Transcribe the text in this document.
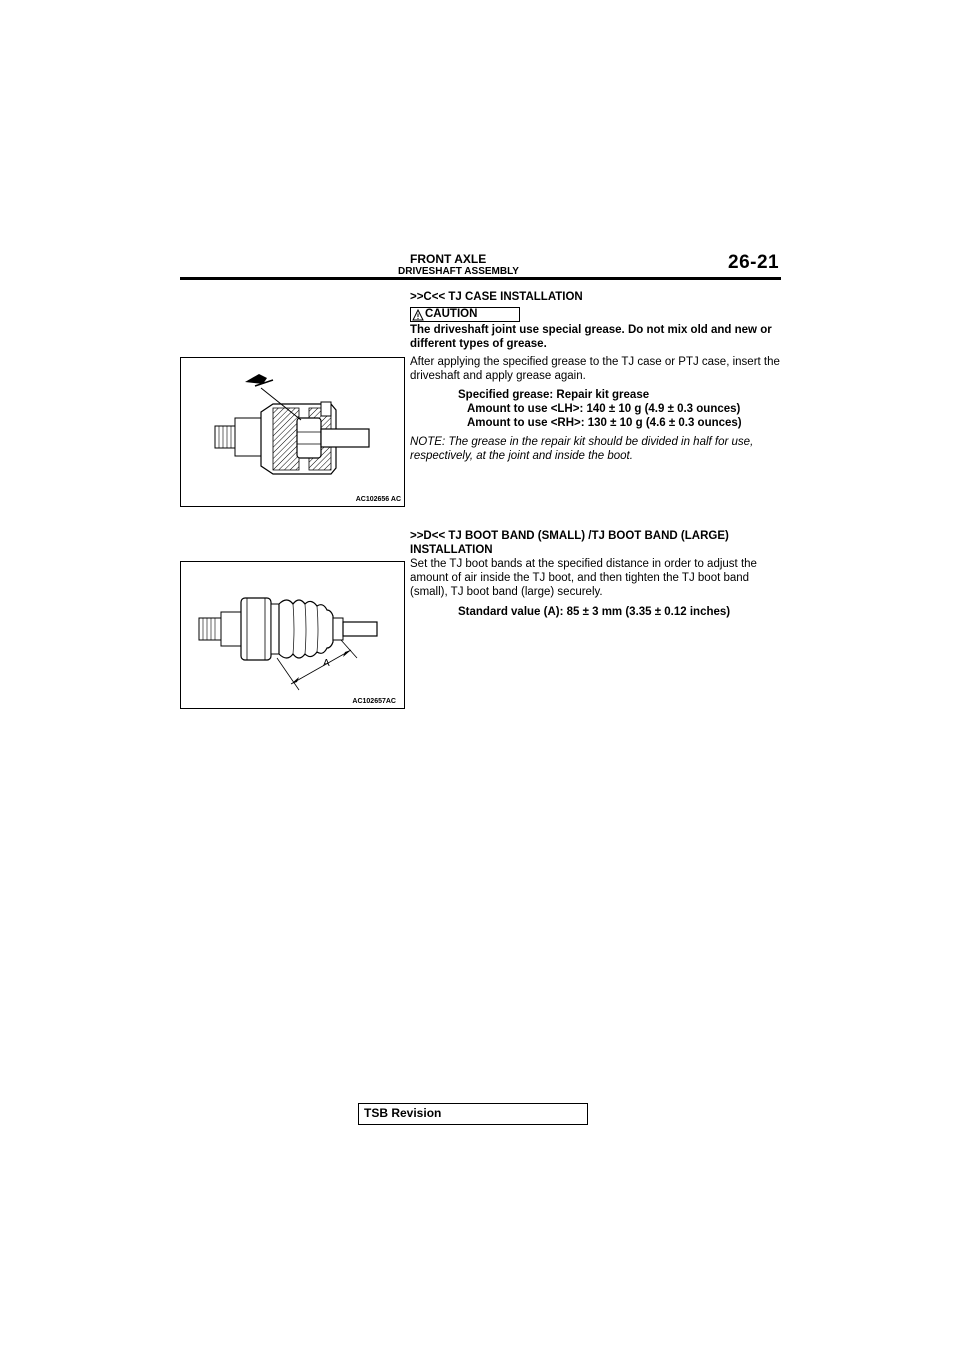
FRONT AXLE
DRIVESHAFT ASSEMBLY	26-21
AC102656 AC
>>C<< TJ CASE INSTALLATION
CAUTION
The driveshaft joint use special grease. Do not mix old and new or different types of grease.
After applying the specified grease to the TJ case or PTJ case, insert the driveshaft and apply grease again.
Specified grease: Repair kit grease
Amount to use <LH>: 140 ± 10 g (4.9 ± 0.3 ounces)
Amount to use <RH>: 130 ± 10 g (4.6 ± 0.3 ounces)
NOTE: The grease in the repair kit should be divided in half for use, respectively, at the joint and inside the boot.
A
AC102657AC
>>D<< TJ BOOT BAND (SMALL) /TJ BOOT BAND (LARGE) INSTALLATION
Set the TJ boot bands at the specified distance in order to adjust the amount of air inside the TJ boot, and then tighten the TJ boot band (small), TJ boot band (large) securely.
Standard value (A): 85 ± 3 mm (3.35 ± 0.12 inches)
TSB Revision
